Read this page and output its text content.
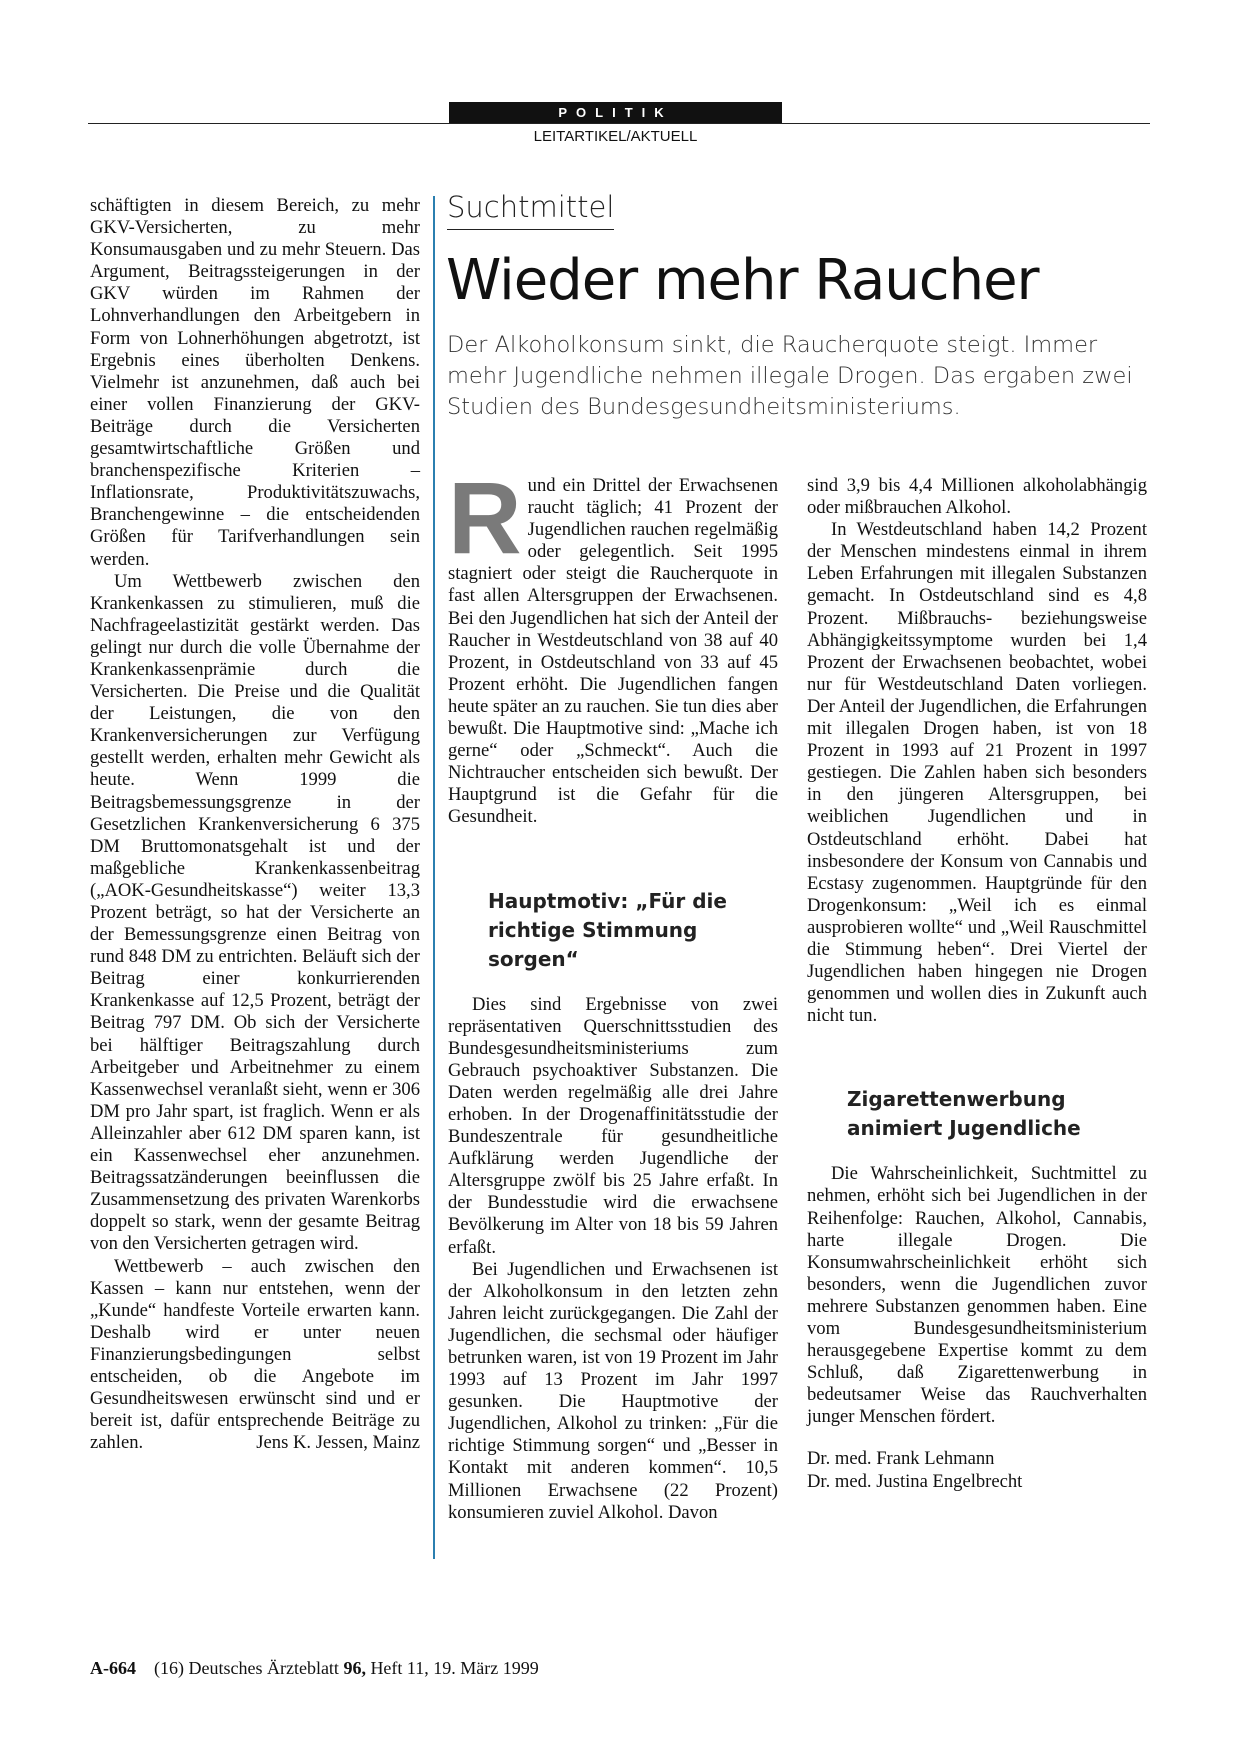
POLITIK
LEITARTIKEL/AKTUELL

schäftigten in diesem Bereich, zu mehr GKV-Versicherten, zu mehr Konsumausgaben und zu mehr Steuern. Das Argument, Beitragssteigerungen in der GKV würden im Rahmen der Lohnverhandlungen den Arbeitgebern in Form von Lohnerhöhungen abgetrotzt, ist Ergebnis eines überholten Denkens. Vielmehr ist anzunehmen, daß auch bei einer vollen Finanzierung der GKV-Beiträge durch die Versicherten gesamtwirtschaftliche Größen und branchenspezifische Kriterien – Inflationsrate, Produktivitätszuwachs, Branchengewinne – die entscheidenden Größen für Tarifverhandlungen sein werden.

Um Wettbewerb zwischen den Krankenkassen zu stimulieren, muß die Nachfrageelastizität gestärkt werden. Das gelingt nur durch die volle Übernahme der Krankenkassenprämie durch die Versicherten. Die Preise und die Qualität der Leistungen, die von den Krankenversicherungen zur Verfügung gestellt werden, erhalten mehr Gewicht als heute. Wenn 1999 die Beitragsbemessungsgrenze in der Gesetzlichen Krankenversicherung 6 375 DM Bruttomonatsgehalt ist und der maßgebliche Krankenkassenbeitrag („AOK-Gesundheitskasse“) weiter 13,3 Prozent beträgt, so hat der Versicherte an der Bemessungsgrenze einen Beitrag von rund 848 DM zu entrichten. Beläuft sich der Beitrag einer konkurrierenden Krankenkasse auf 12,5 Prozent, beträgt der Beitrag 797 DM. Ob sich der Versicherte bei hälftiger Beitragszahlung durch Arbeitgeber und Arbeitnehmer zu einem Kassenwechsel veranlaßt sieht, wenn er 306 DM pro Jahr spart, ist fraglich. Wenn er als Alleinzahler aber 612 DM sparen kann, ist ein Kassenwechsel eher anzunehmen. Beitragssatzänderungen beeinflussen die Zusammensetzung des privaten Warenkorbs doppelt so stark, wenn der gesamte Beitrag von den Versicherten getragen wird.

Wettbewerb – auch zwischen den Kassen – kann nur entstehen, wenn der „Kunde“ handfeste Vorteile erwarten kann. Deshalb wird er unter neuen Finanzierungsbedingungen selbst entscheiden, ob die Angebote im Gesundheitswesen erwünscht sind und er bereit ist, dafür entsprechende Beiträge zu zahlen.	Jens K. Jessen, Mainz

Suchtmittel
Wieder mehr Raucher
Der Alkoholkonsum sinkt, die Raucherquote steigt. Immer mehr Jugendliche nehmen illegale Drogen. Das ergaben zwei Studien des Bundesgesundheitsministeriums.

Rund ein Drittel der Erwachsenen raucht täglich; 41 Prozent der Jugendlichen rauchen regelmäßig oder gelegentlich. Seit 1995 stagniert oder steigt die Raucherquote in fast allen Altersgruppen der Erwachsenen. Bei den Jugendlichen hat sich der Anteil der Raucher in Westdeutschland von 38 auf 40 Prozent, in Ostdeutschland von 33 auf 45 Prozent erhöht. Die Jugendlichen fangen heute später an zu rauchen. Sie tun dies aber bewußt. Die Hauptmotive sind: „Mache ich gerne“ oder „Schmeckt“. Auch die Nichtraucher entscheiden sich bewußt. Der Hauptgrund ist die Gefahr für die Gesundheit.

Hauptmotiv: „Für die richtige Stimmung sorgen“

Dies sind Ergebnisse von zwei repräsentativen Querschnittsstudien des Bundesgesundheitsministeriums zum Gebrauch psychoaktiver Substanzen. Die Daten werden regelmäßig alle drei Jahre erhoben. In der Drogenaffinitätsstudie der Bundeszentrale für gesundheitliche Aufklärung werden Jugendliche der Altersgruppe zwölf bis 25 Jahre erfaßt. In der Bundesstudie wird die erwachsene Bevölkerung im Alter von 18 bis 59 Jahren erfaßt.

Bei Jugendlichen und Erwachsenen ist der Alkoholkonsum in den letzten zehn Jahren leicht zurückgegangen. Die Zahl der Jugendlichen, die sechsmal oder häufiger betrunken waren, ist von 19 Prozent im Jahr 1993 auf 13 Prozent im Jahr 1997 gesunken. Die Hauptmotive der Jugendlichen, Alkohol zu trinken: „Für die richtige Stimmung sorgen“ und „Besser in Kontakt mit anderen kommen“. 10,5 Millionen Erwachsene (22 Prozent) konsumieren zuviel Alkohol. Davon

sind 3,9 bis 4,4 Millionen alkoholabhängig oder mißbrauchen Alkohol.

In Westdeutschland haben 14,2 Prozent der Menschen mindestens einmal in ihrem Leben Erfahrungen mit illegalen Substanzen gemacht. In Ostdeutschland sind es 4,8 Prozent. Mißbrauchs- beziehungsweise Abhängigkeitssymptome wurden bei 1,4 Prozent der Erwachsenen beobachtet, wobei nur für Westdeutschland Daten vorliegen. Der Anteil der Jugendlichen, die Erfahrungen mit illegalen Drogen haben, ist von 18 Prozent in 1993 auf 21 Prozent in 1997 gestiegen. Die Zahlen haben sich besonders in den jüngeren Altersgruppen, bei weiblichen Jugendlichen und in Ostdeutschland erhöht. Dabei hat insbesondere der Konsum von Cannabis und Ecstasy zugenommen. Hauptgründe für den Drogenkonsum: „Weil ich es einmal ausprobieren wollte“ und „Weil Rauschmittel die Stimmung heben“. Drei Viertel der Jugendlichen haben hingegen nie Drogen genommen und wollen dies in Zukunft auch nicht tun.

Zigarettenwerbung animiert Jugendliche

Die Wahrscheinlichkeit, Suchtmittel zu nehmen, erhöht sich bei Jugendlichen in der Reihenfolge: Rauchen, Alkohol, Cannabis, harte illegale Drogen. Die Konsumwahrscheinlichkeit erhöht sich besonders, wenn die Jugendlichen zuvor mehrere Substanzen genommen haben. Eine vom Bundesgesundheitsministerium herausgegebene Expertise kommt zu dem Schluß, daß Zigarettenwerbung in bedeutsamer Weise das Rauchverhalten junger Menschen fördert.

Dr. med. Frank Lehmann
Dr. med. Justina Engelbrecht
A-664 (16) Deutsches Ärzteblatt 96, Heft 11, 19. März 1999
